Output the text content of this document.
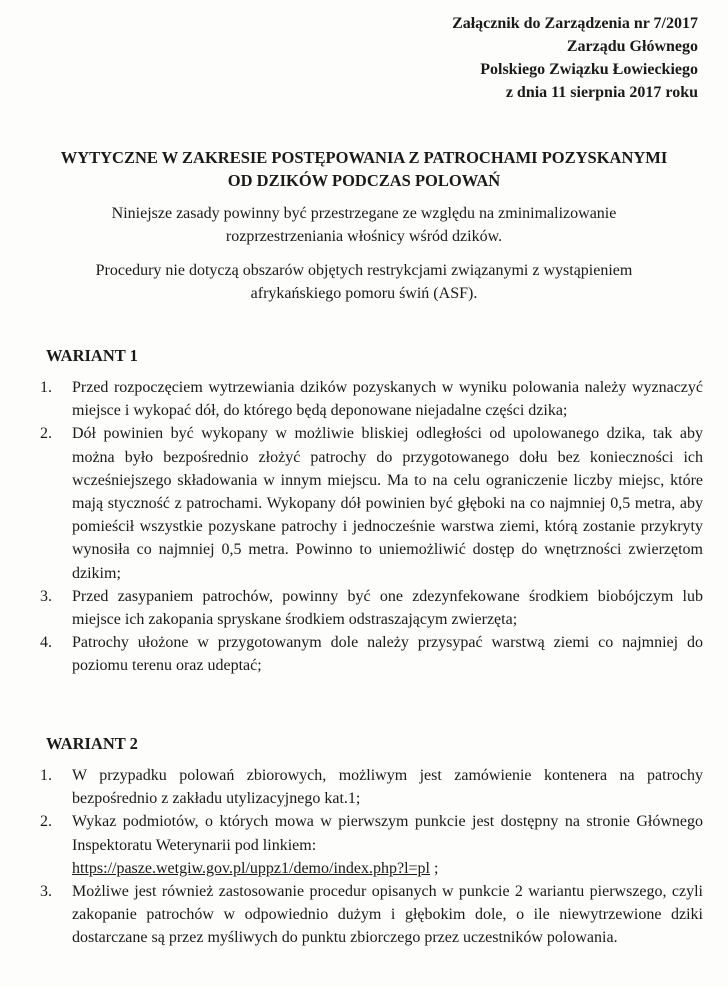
Załącznik do Zarządzenia nr 7/2017
Zarządu Głównego
Polskiego Związku Łowieckiego
z dnia 11 sierpnia 2017 roku
WYTYCZNE W ZAKRESIE POSTĘPOWANIA Z PATROCHAMI POZYSKANYMI
OD DZIKÓW PODCZAS POLOWAŃ
Niniejsze zasady powinny być przestrzegane ze względu na zminimalizowanie
rozprzestrzeniania włośnicy wśród dzików.
Procedury nie dotyczą obszarów objętych restrykcjami związanymi z wystąpieniem
afrykańskiego pomoru świń (ASF).
WARIANT 1
1. Przed rozpoczęciem wytrzewiania dzików pozyskanych w wyniku polowania należy wyznaczyć miejsce i wykopać dół, do którego będą deponowane niejadalne części dzika;
2. Dół powinien być wykopany w możliwie bliskiej odległości od upolowanego dzika, tak aby można było bezpośrednio złożyć patrochy do przygotowanego dołu bez konieczności ich wcześniejszego składowania w innym miejscu. Ma to na celu ograniczenie liczby miejsc, które mają styczność z patrochami. Wykopany dół powinien być głęboki na co najmniej 0,5 metra, aby pomieścił wszystkie pozyskane patrochy i jednocześnie warstwa ziemi, którą zostanie przykryty wynosiła co najmniej 0,5 metra. Powinno to uniemożliwić dostęp do wnętrzności zwierzętom dzikim;
3. Przed zasypaniem patrochów, powinny być one zdezynfekowane środkiem biobójczym lub miejsce ich zakopania spryskane środkiem odstraszającym zwierzęta;
4. Patrochy ułożone w przygotowanym dole należy przysypać warstwą ziemi co najmniej do poziomu terenu oraz udeptać;
WARIANT 2
1. W przypadku polowań zbiorowych, możliwym jest zamówienie kontenera na patrochy bezpośrednio z zakładu utylizacyjnego kat.1;
2. Wykaz podmiotów, o których mowa w pierwszym punkcie jest dostępny na stronie Głównego Inspektoratu Weterynarii pod linkiem:
https://pasze.wetgiw.gov.pl/uppz1/demo/index.php?l=pl ;
3. Możliwe jest również zastosowanie procedur opisanych w punkcie 2 wariantu pierwszego, czyli zakopanie patrochów w odpowiednio dużym i głębokim dole, o ile niewytrzewione dziki dostarczane są przez myśliwych do punktu zbiorczego przez uczestników polowania.
